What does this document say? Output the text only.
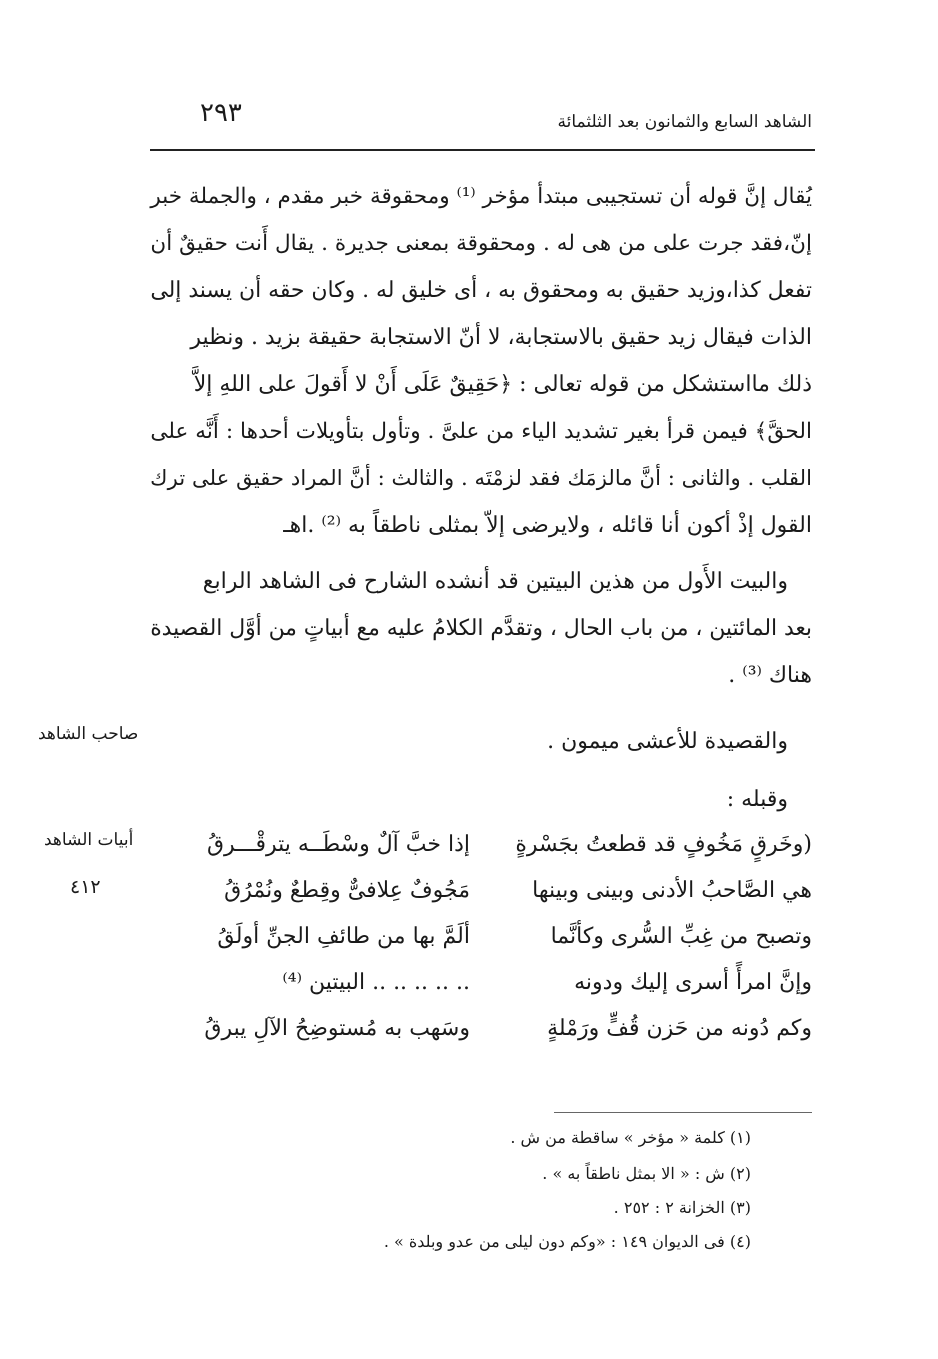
الشاهد السابع والثمانون بعد الثلثمائة
٢٩٣
يُقال إنَّ قوله أن تستجيبى مبتدأ مؤخر ⁽¹⁾ ومحقوقة خبر مقدم ، والجملة خبر
إنّ،فقد جرت على من هى له . ومحقوقة بمعنى جديرة . يقال أَنت حقيقٌ أن
تفعل كذا،وزيد حقيق به ومحقوق به ، أى خليق له . وكان حقه أن يسند إلى
الذات فيقال زيد حقيق بالاستجابة، لا أنّ الاستجابة حقيقة بزيد . ونظير
ذلك مااستشكل من قوله تعالى : ﴿حَقِيقٌ عَلَى أَنْ لا أَقولَ على اللهِ إلاَّ
الحقَّ﴾ فيمن قرأ بغير تشديد الياء من علىَّ . وتأول بتأويلات أحدها : أَنَّه على
القلب . والثانى : أنَّ مالزمَك فقد لزمْتَه . والثالث : أنَّ المراد حقيق على ترك
القول إذْ أكون أنا قائله ، ولايرضى إلاّ بمثلى ناطقاً به ⁽²⁾ .اهـ
والبيت الأَول من هذين البيتين قد أنشده الشارح فى الشاهد الرابع
بعد المائتين ، من باب الحال ، وتقدَّم الكلامُ عليه مع أبياتٍ من أوَّل القصيدة
هناك ⁽³⁾ .
والقصيدة للأعشى ميمون .
صاحب الشاهد
وقبله :
أبيات الشاهد
٤١٢
(وخَرقٍ مَخُوفٍ قد قطعتُ بجَسْرةٍ
إذا خبَّ آلٌ وسْطَــه يترقْـــرقُ
هي الصَّاحبُ الأدنى وبينى وبينها
مَجُوفٌ عِلافىٌّ وقِطعٌ ونُمْرُقُ
وتصبح من غِبِّ السُّرى وكأنَّما
ألَمَّ بها من طائفِ الجنِّ أولَقُ
وإنَّ امرأً أسرى إليك ودونه
.. .. .. .. .. البيتين ⁽⁴⁾
وكم دُونه من حَزن قُفٍّ ورَمْلةٍ
وسَهب به مُستوضِحُ الآلِ يبرقُ
(١) كلمة « مؤخر » ساقطة من ش .
(٢) ش : « الا بمثل ناطقاً به » .
(٣) الخزانة ٢ : ٢٥٢ .
(٤) فى الديوان ١٤٩ : «وكم دون ليلى من عدو وبلدة » .
